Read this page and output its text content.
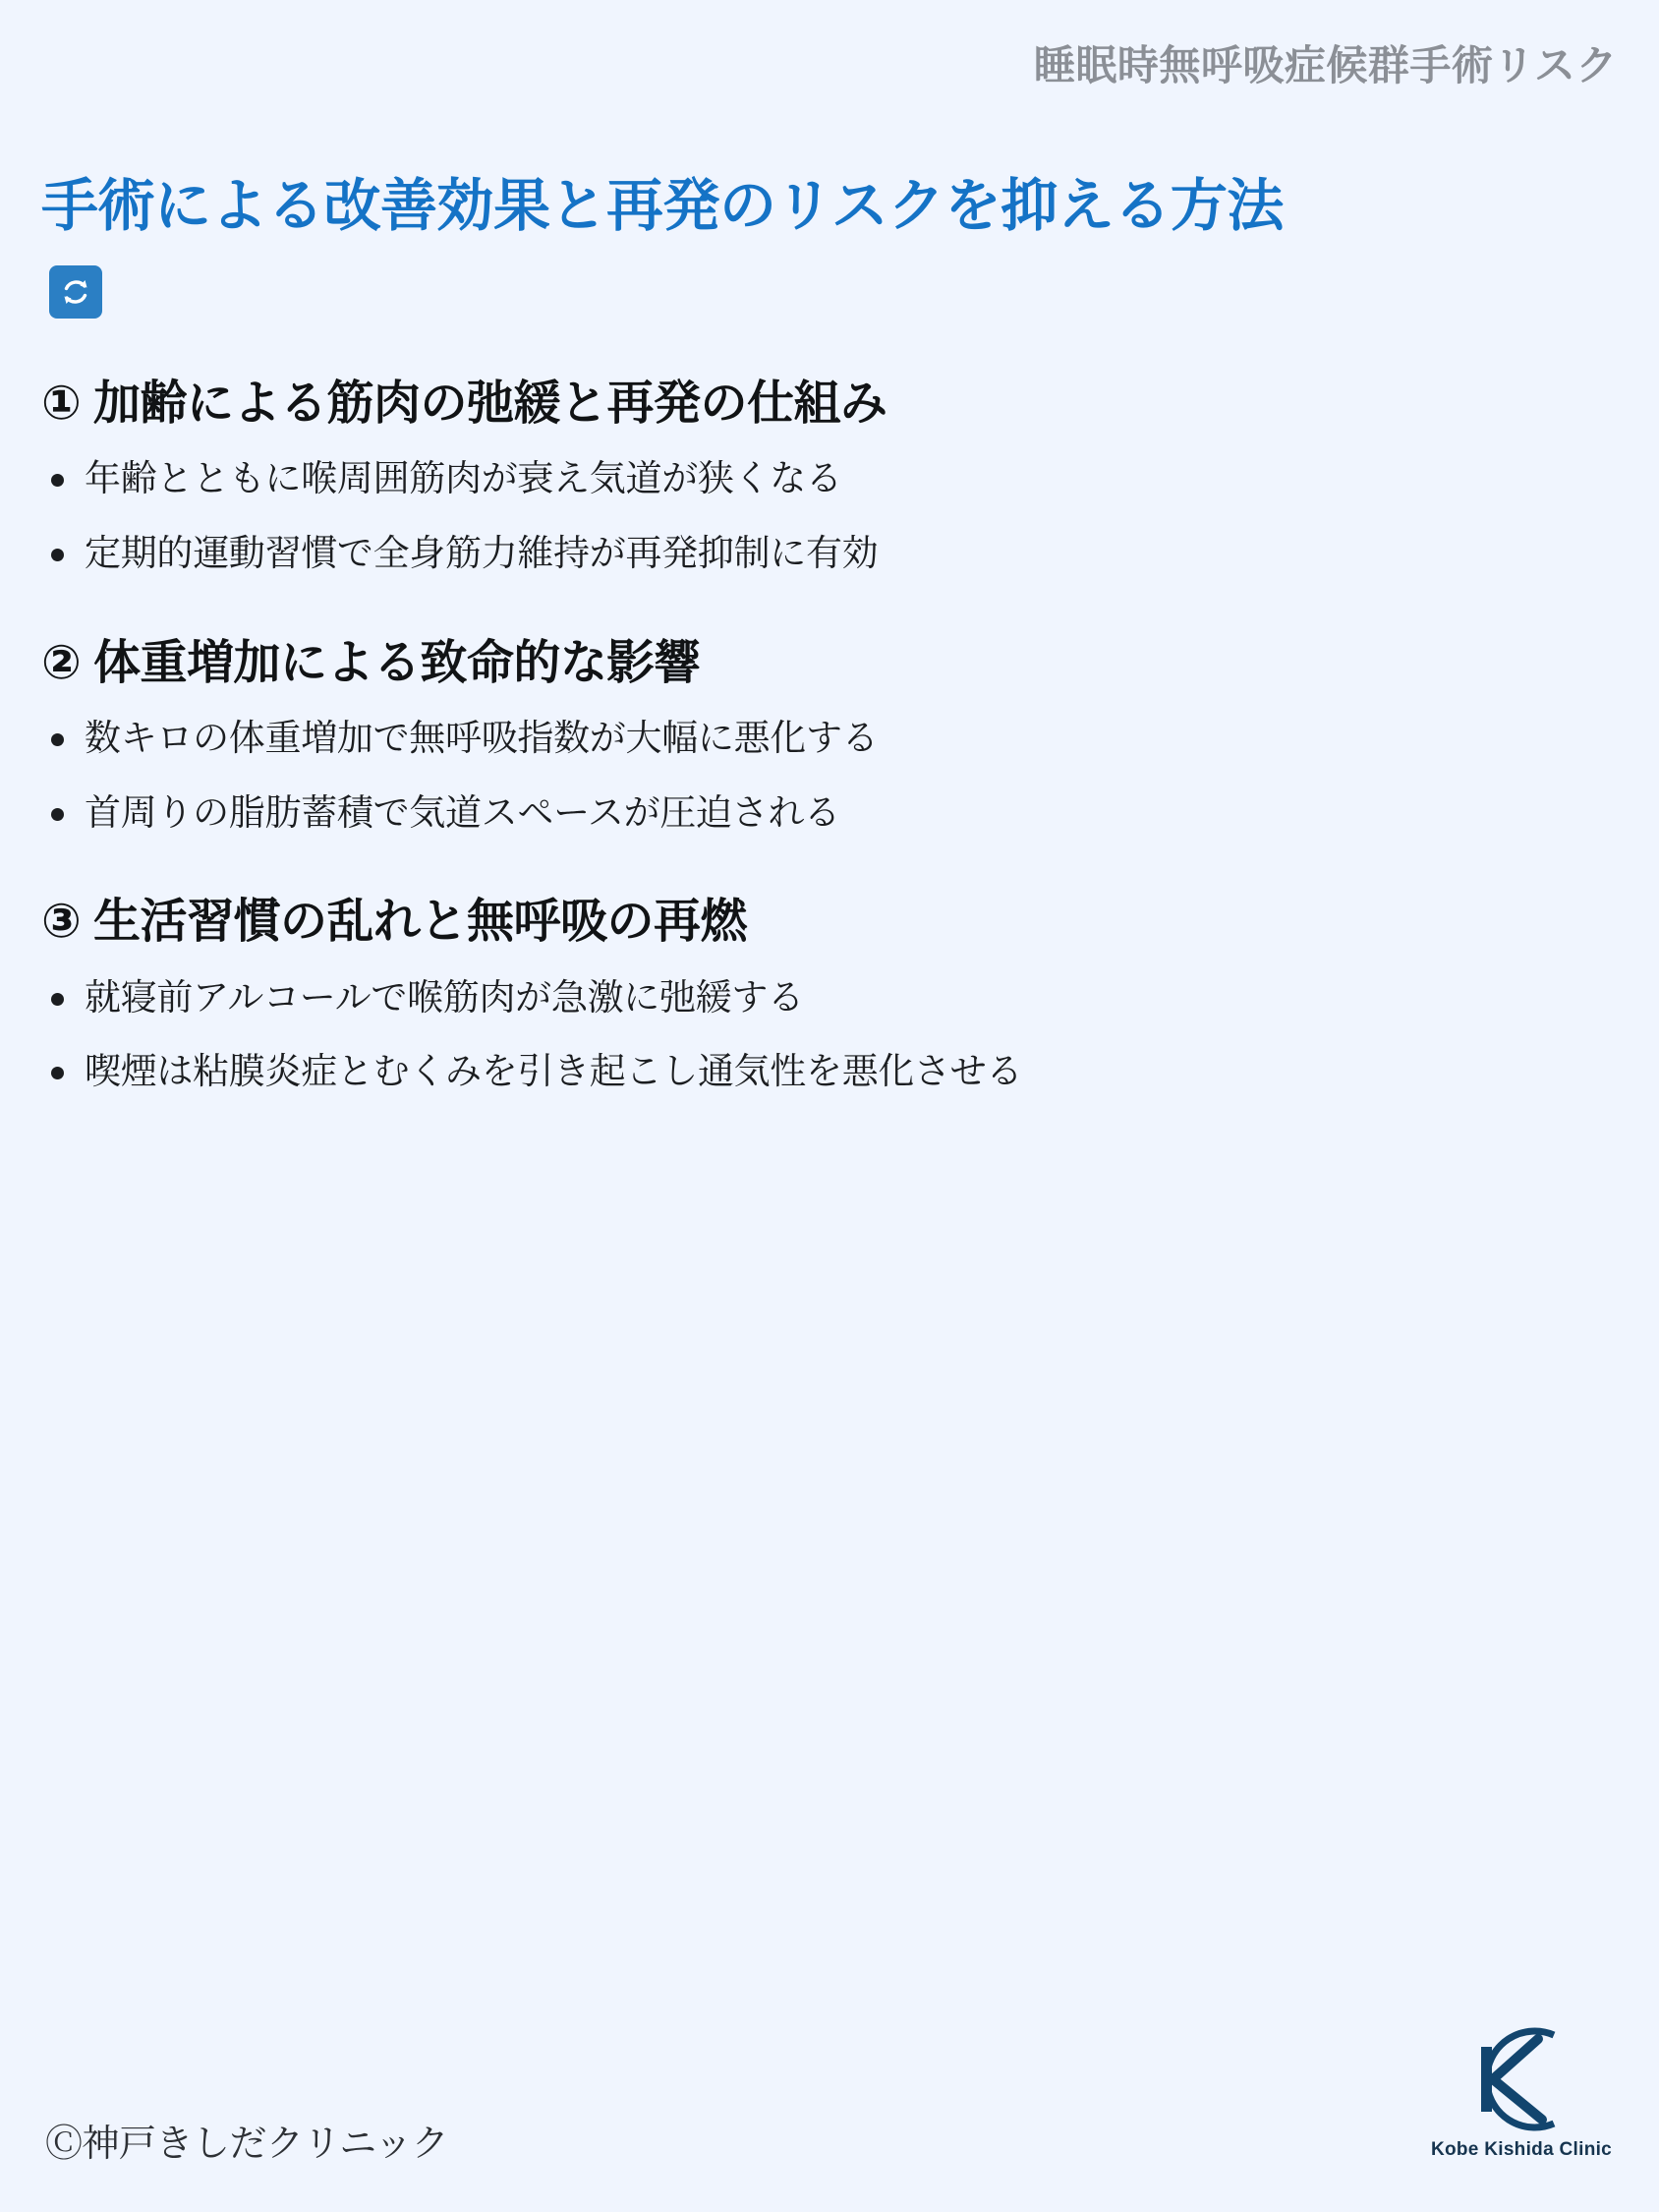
睡眠時無呼吸症候群手術リスク
手術による改善効果と再発のリスクを抑える方法
① 加齢による筋肉の弛緩と再発の仕組み
年齢とともに喉周囲筋肉が衰え気道が狭くなる
定期的運動習慣で全身筋力維持が再発抑制に有効
② 体重増加による致命的な影響
数キロの体重増加で無呼吸指数が大幅に悪化する
首周りの脂肪蓄積で気道スペースが圧迫される
③ 生活習慣の乱れと無呼吸の再燃
就寝前アルコールで喉筋肉が急激に弛緩する
喫煙は粘膜炎症とむくみを引き起こし通気性を悪化させる
Ⓒ神戸きしだクリニック	Kobe Kishida Clinic
